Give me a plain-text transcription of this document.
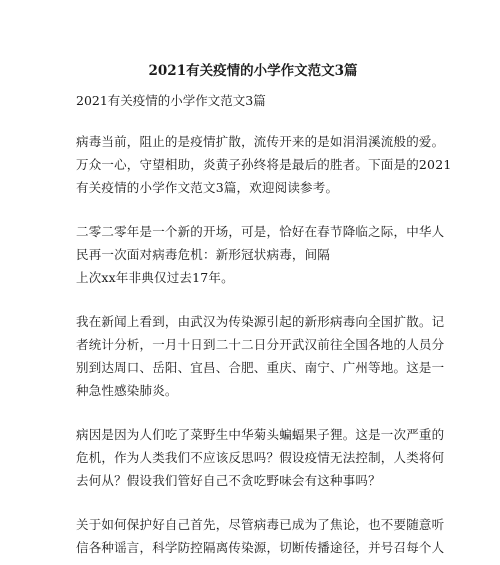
2021有关疫情的小学作文范文3篇
2021有关疫情的小学作文范文3篇
病毒当前，阻止的是疫情扩散，流传开来的是如涓涓溪流般的爱。
万众一心，守望相助，炎黄子孙终将是最后的胜者。下面是的2021
有关疫情的小学作文范文3篇，欢迎阅读参考。
二零二零年是一个新的开场，可是，恰好在春节降临之际，中华人
民再一次面对病毒危机：新形冠状病毒，间隔
上次xx年非典仅过去17年。
我在新闻上看到，由武汉为传染源引起的新形病毒向全国扩散。记
者统计分析，一月十日到二十二日分开武汉前往全国各地的人员分
别到达周口、岳阳、宜昌、合肥、重庆、南宁、广州等地。这是一
种急性感染肺炎。
病因是因为人们吃了菜野生中华菊头蝙蝠果子狸。这是一次严重的
危机，作为人类我们不应该反思吗？假设疫情无法控制，人类将何
去何从？假设我们管好自己不贪吃野味会有这种事吗？
关于如何保护好自己首先，尽管病毒已成为了焦论，也不要随意听
信各种谣言，科学防控隔离传染源，切断传播途径，并号召每个人
